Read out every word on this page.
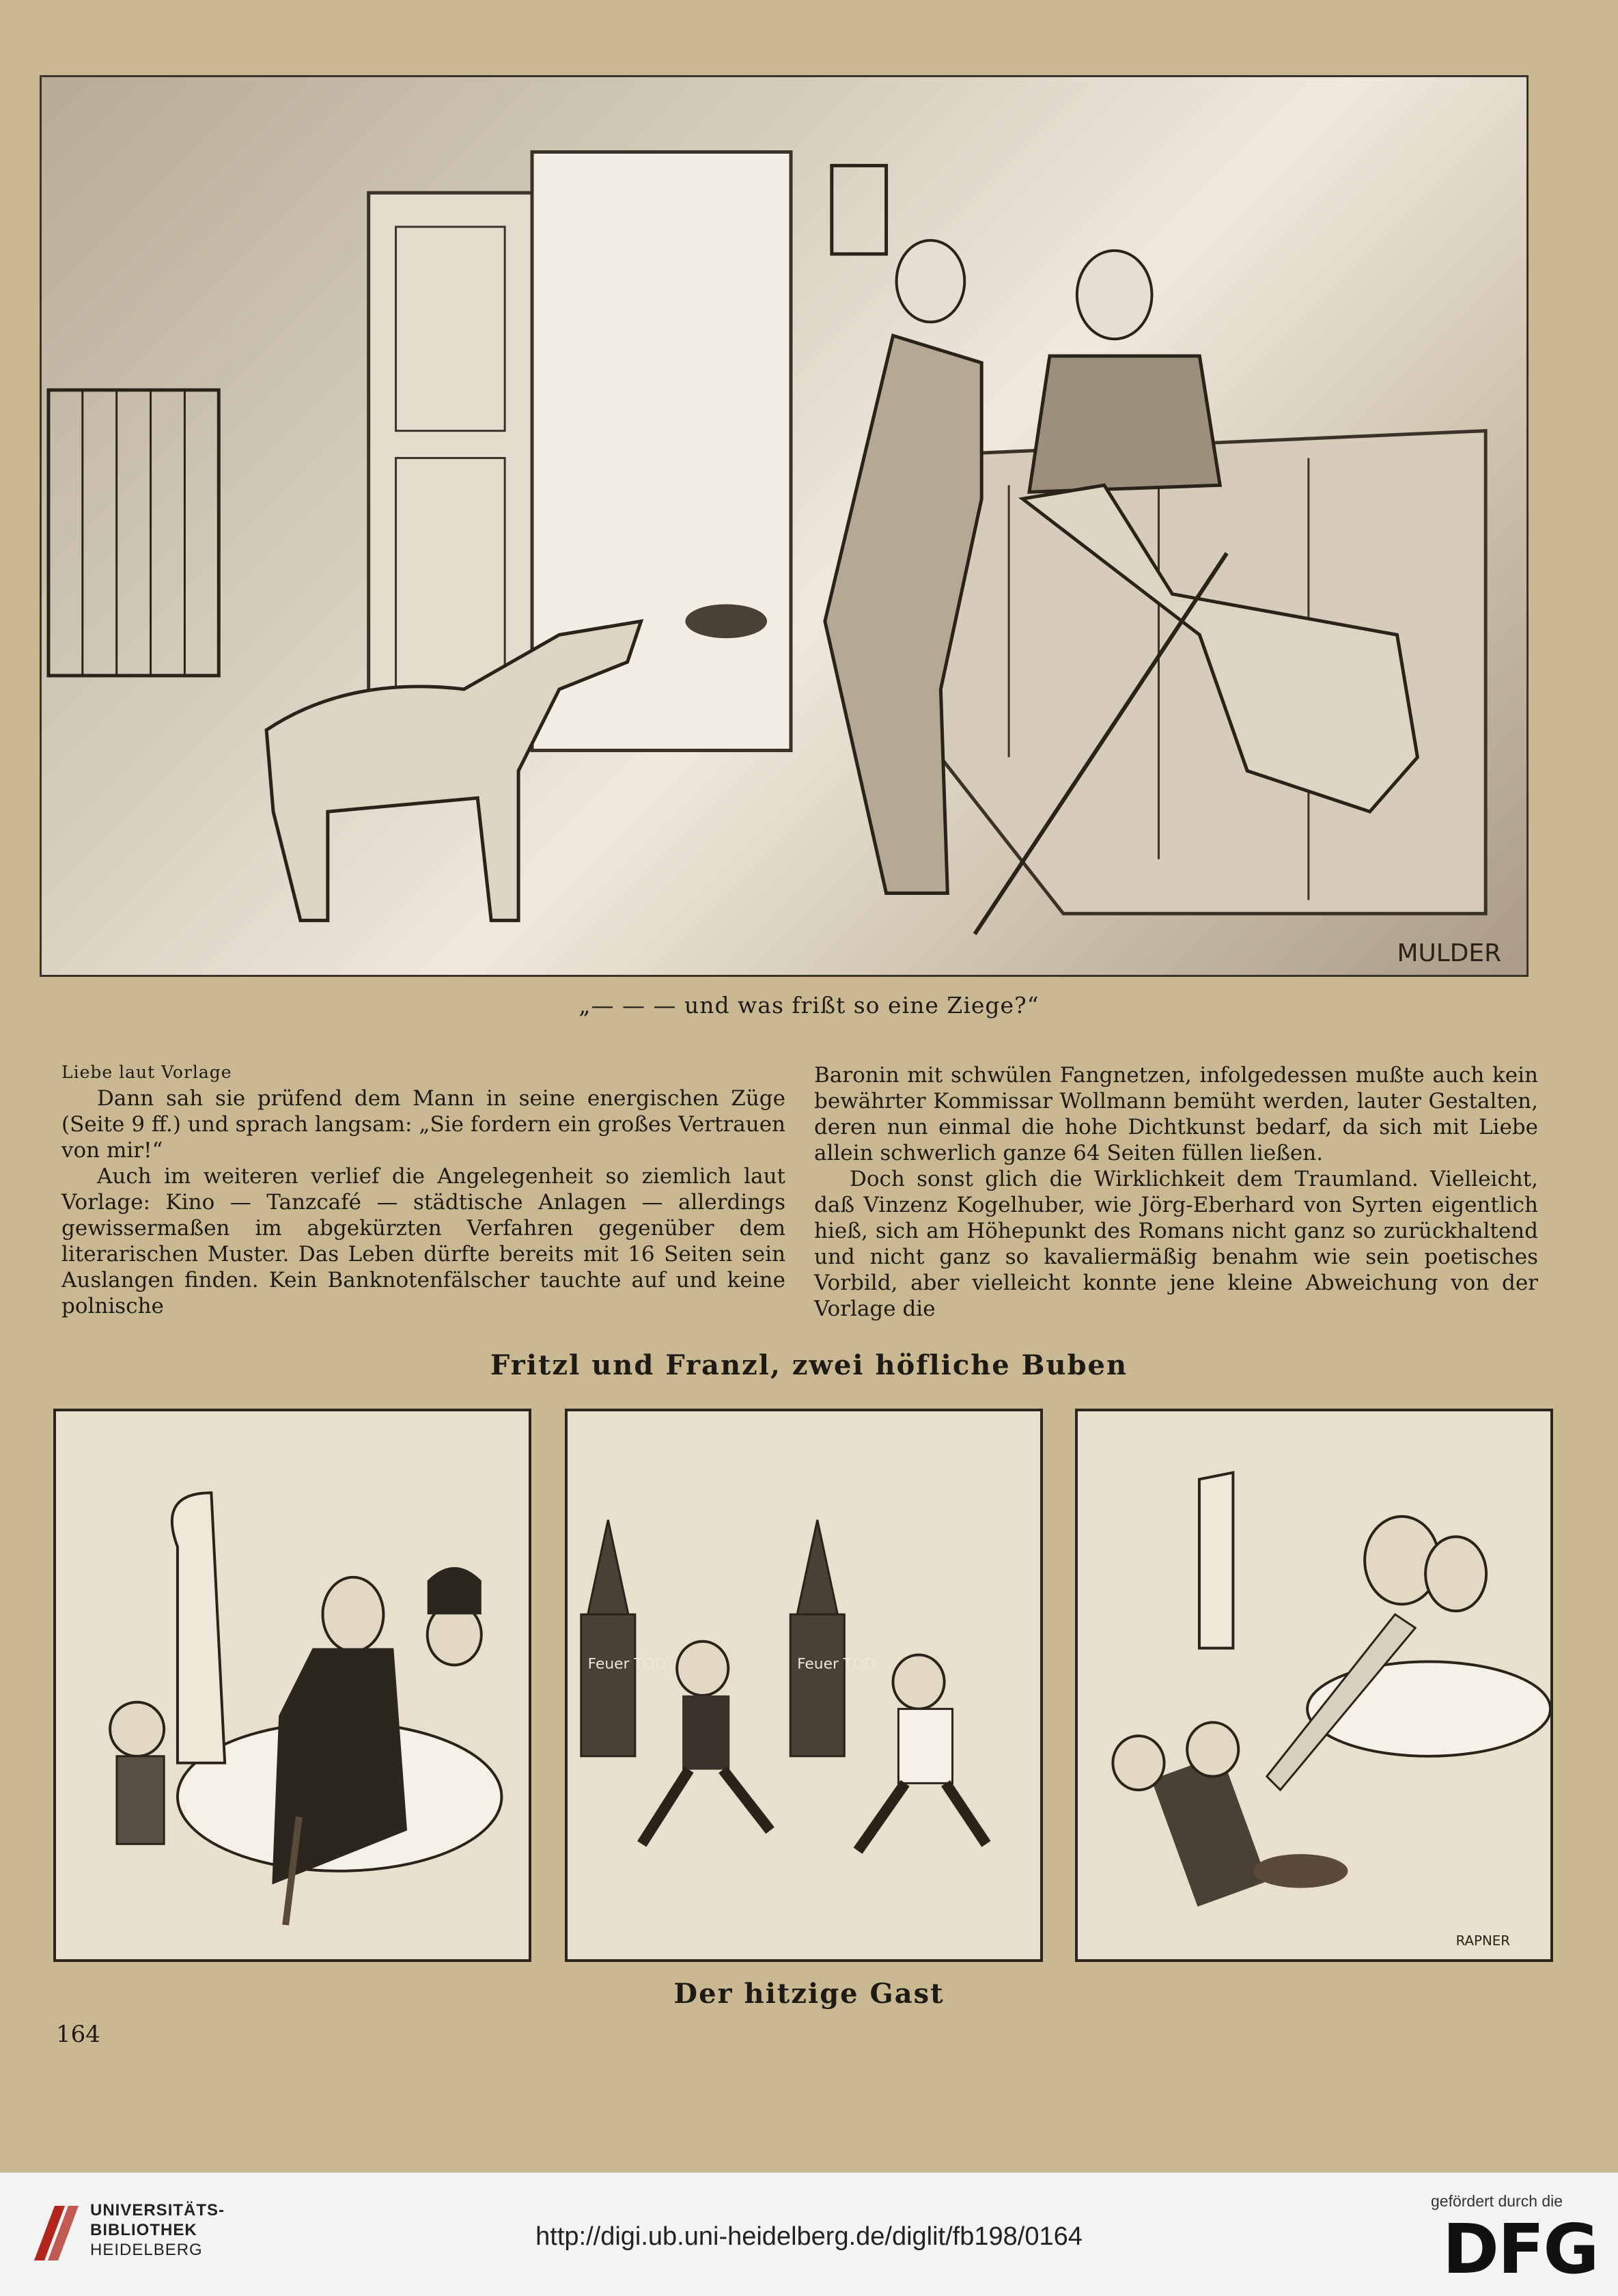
MULDER
„— — — und was frißt so eine Ziege?“
Liebe laut Vorlage

Dann sah sie prüfend dem Mann in seine energischen Züge (Seite 9 ff.) und sprach langsam: „Sie fordern ein großes Vertrauen von mir!“

Auch im weiteren verlief die Angelegenheit so ziemlich laut Vorlage: Kino — Tanzcafé — städtische Anlagen — allerdings gewissermaßen im abgekürzten Verfahren gegenüber dem literarischen Muster. Das Leben dürfte bereits mit 16 Seiten sein Auslangen finden. Kein Banknotenfälscher tauchte auf und keine polnische

Baronin mit schwülen Fangnetzen, infolgedessen mußte auch kein bewährter Kommissar Wollmann bemüht werden, lauter Gestalten, deren nun einmal die hohe Dichtkunst bedarf, da sich mit Liebe allein schwerlich ganze 64 Seiten füllen ließen.

Doch sonst glich die Wirklichkeit dem Traumland. Vielleicht, daß Vinzenz Kogelhuber, wie Jörg-Eberhard von Syrten eigentlich hieß, sich am Höhepunkt des Romans nicht ganz so zurückhaltend und nicht ganz so kavaliermäßig benahm wie sein poetisches Vorbild, aber vielleicht konnte jene kleine Abweichung von der Vorlage die

Fritzl und Franzl, zwei höfliche Buben
Feuer TOD	Feuer TOD
RAPNER
Der hitzige Gast
164
UNIVERSITÄTS-
BIBLIOTHEK
HEIDELBERG	http://digi.ub.uni-heidelberg.de/diglit/fb198/0164
gefördert durch die
DFG
